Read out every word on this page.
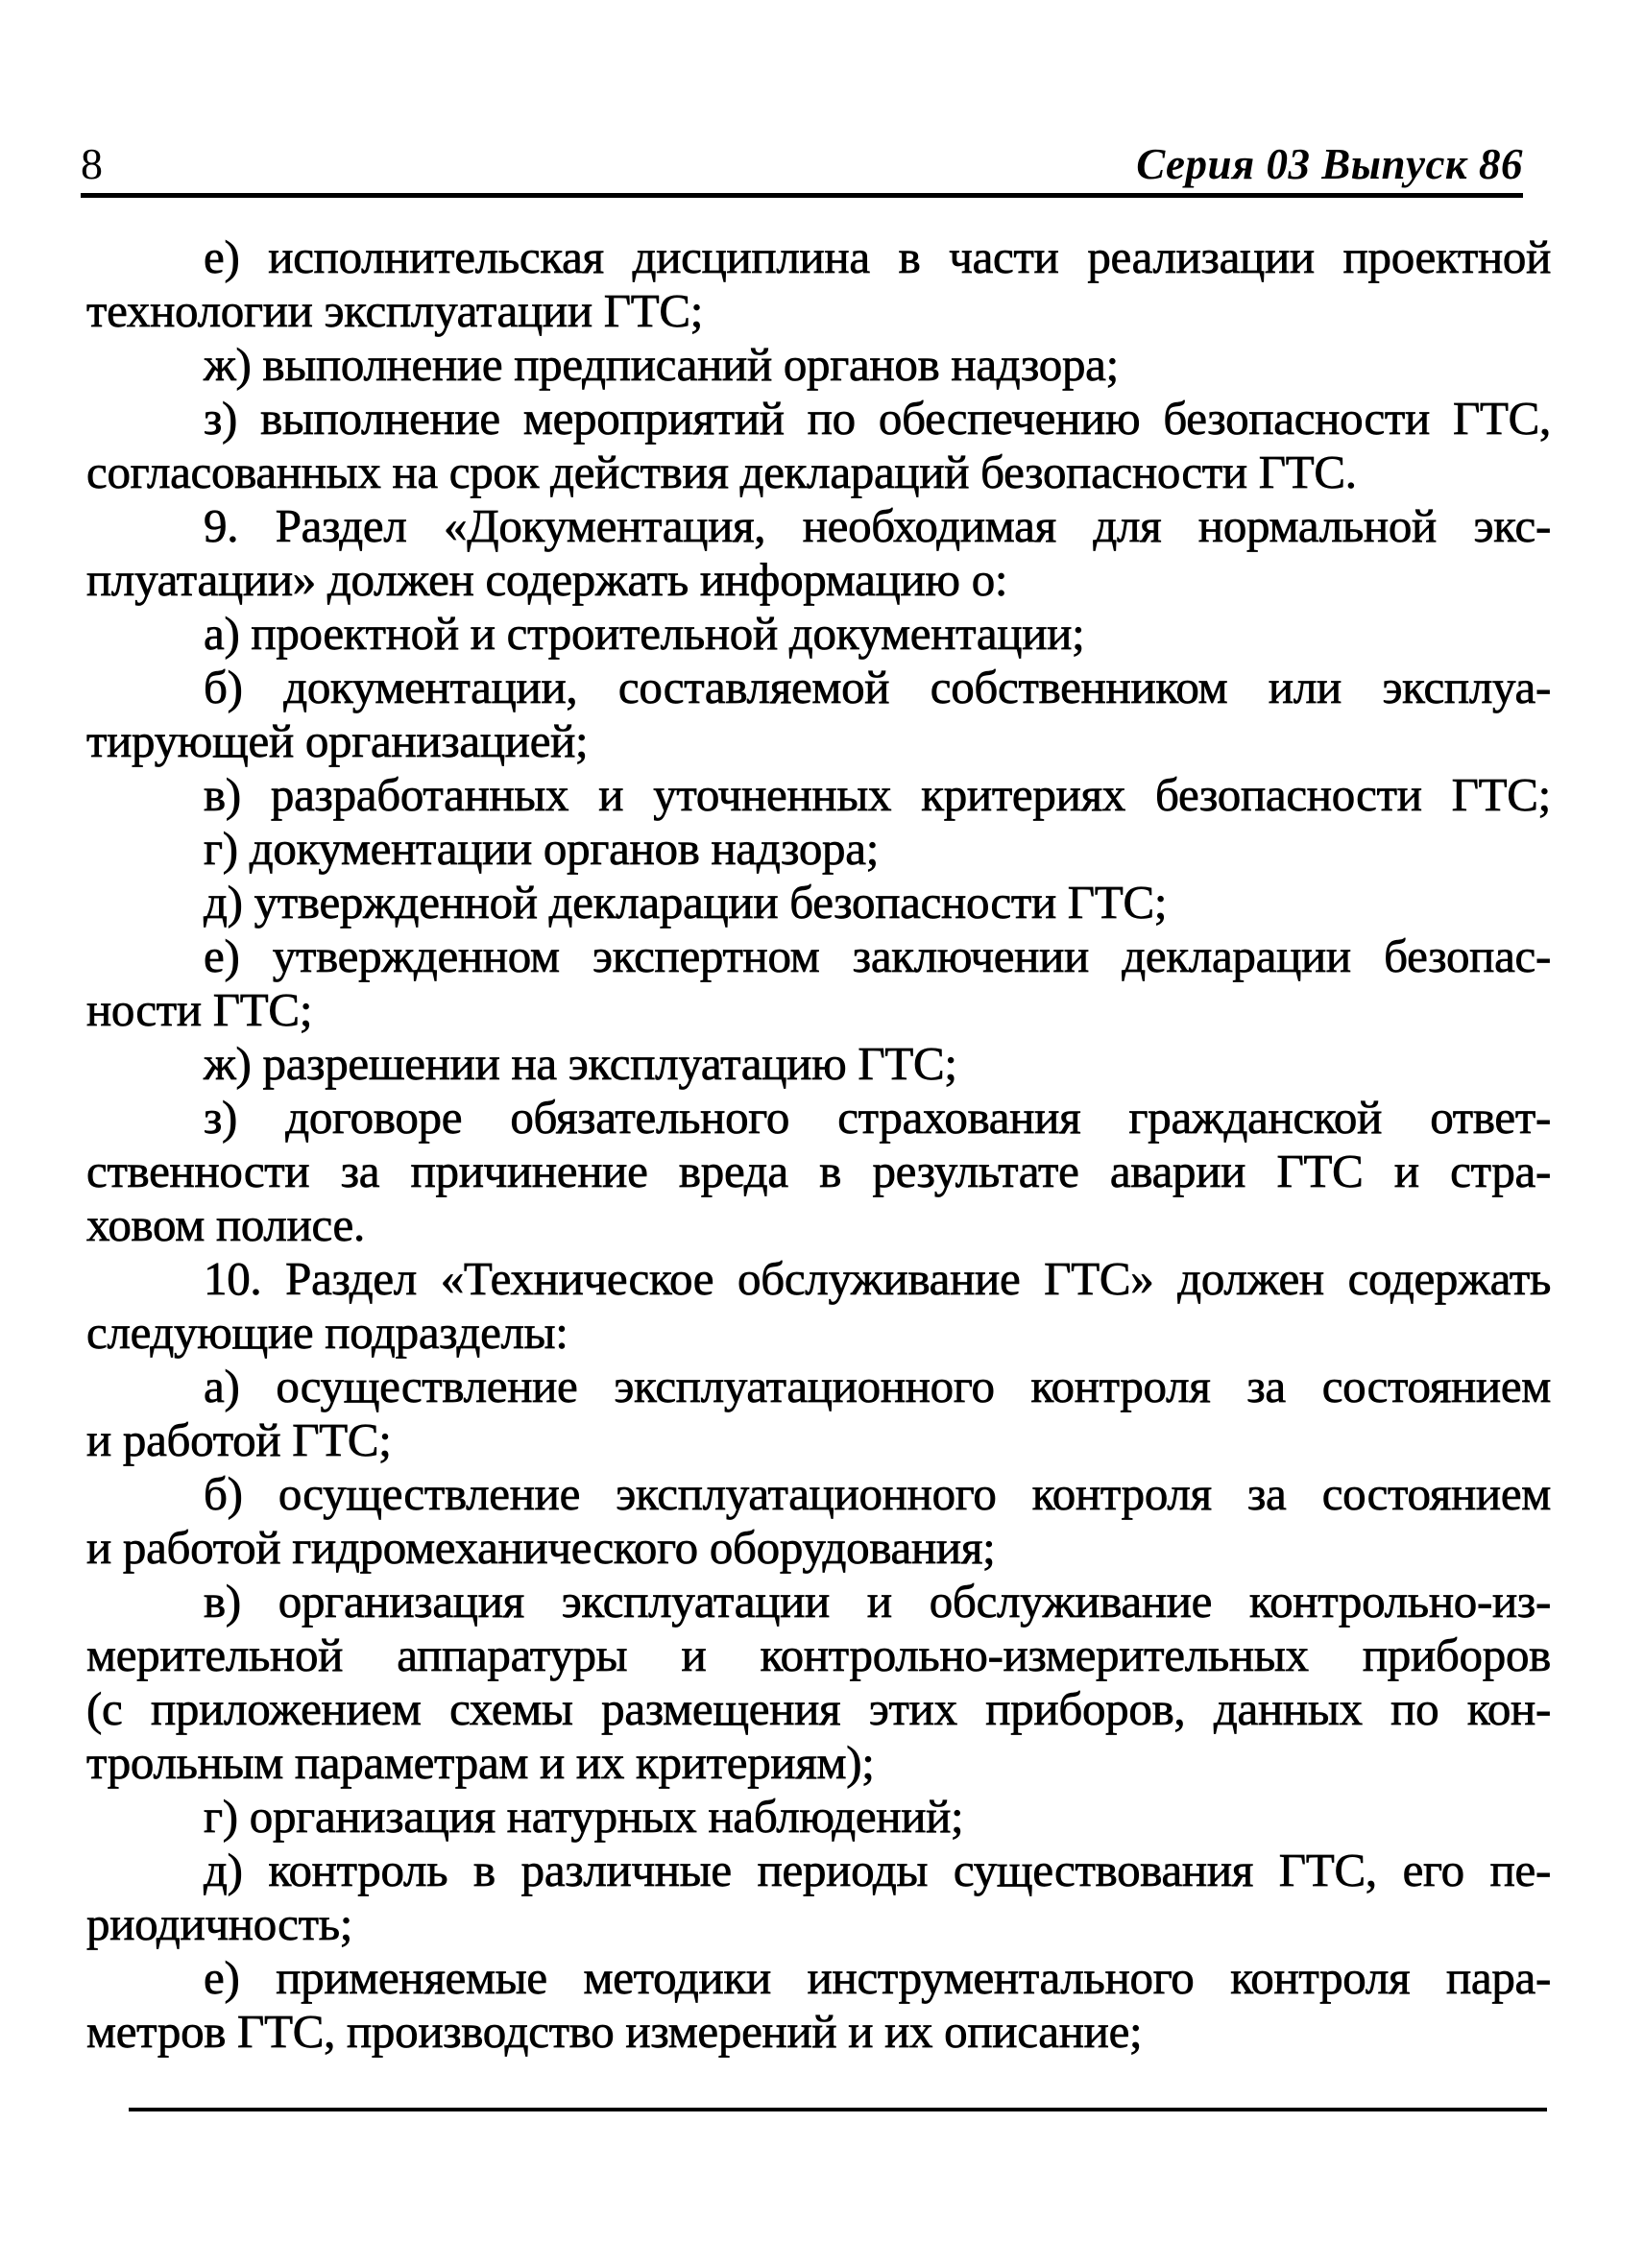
8	Серия 03 Выпуск 86
е) исполнительская дисциплина в части реализации проектной
технологии эксплуатации ГТС;
ж) выполнение предписаний органов надзора;
з) выполнение мероприятий по обеспечению безопасности ГТС,
согласованных на срок действия деклараций безопасности ГТС.
9. Раздел «Документация, необходимая для нормальной экс-
плуатации» должен содержать информацию о:
а) проектной и строительной документации;
б) документации, составляемой собственником или эксплуа-
тирующей организацией;
в) разработанных и уточненных критериях безопасности ГТС;
г) документации органов надзора;
д) утвержденной декларации безопасности ГТС;
е) утвержденном экспертном заключении декларации безопас-
ности ГТС;
ж) разрешении на эксплуатацию ГТС;
з) договоре обязательного страхования гражданской ответ-
ственности за причинение вреда в результате аварии ГТС и стра-
ховом полисе.
10. Раздел «Техническое обслуживание ГТС» должен содержать
следующие подразделы:
а) осуществление эксплуатационного контроля за состоянием
и работой ГТС;
б) осуществление эксплуатационного контроля за состоянием
и работой гидромеханического оборудования;
в) организация эксплуатации и обслуживание контрольно-из-
мерительной аппаратуры и контрольно-измерительных приборов
(с приложением схемы размещения этих приборов, данных по кон-
трольным параметрам и их критериям);
г) организация натурных наблюдений;
д) контроль в различные периоды существования ГТС, его пе-
риодичность;
е) применяемые методики инструментального контроля пара-
метров ГТС, производство измерений и их описание;
